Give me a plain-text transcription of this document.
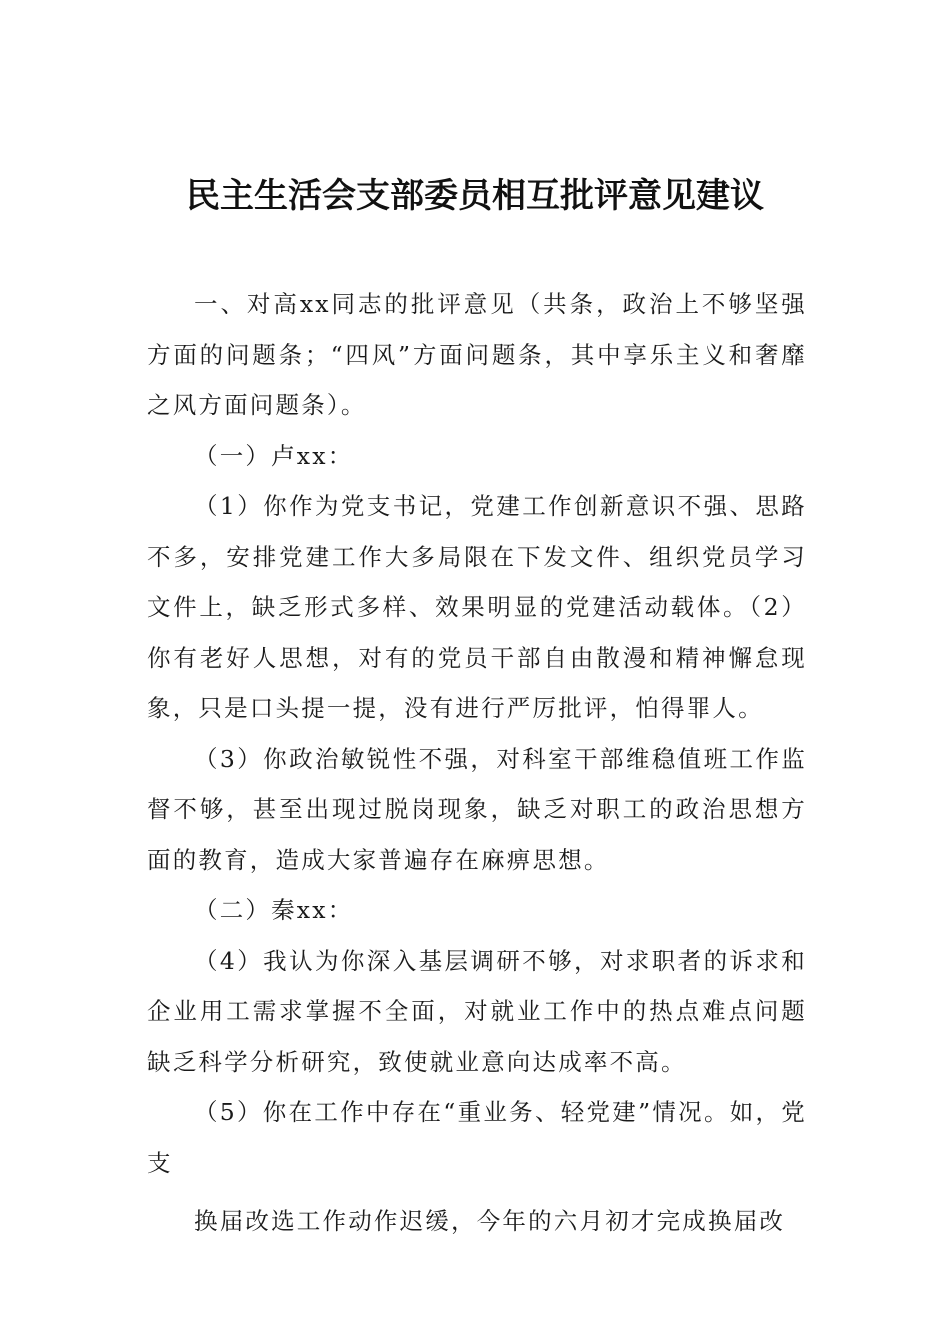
民主生活会支部委员相互批评意见建议

一、对高xx同志的批评意见（共条，政治上不够坚强方面的问题条；“四风”方面问题条，其中享乐主义和奢靡之风方面问题条）。

（一）卢xx：

（1）你作为党支书记，党建工作创新意识不强、思路不多，安排党建工作大多局限在下发文件、组织党员学习文件上，缺乏形式多样、效果明显的党建活动载体。（2）你有老好人思想，对有的党员干部自由散漫和精神懈怠现象，只是口头提一提，没有进行严厉批评，怕得罪人。

（3）你政治敏锐性不强，对科室干部维稳值班工作监督不够，甚至出现过脱岗现象，缺乏对职工的政治思想方面的教育，造成大家普遍存在麻痹思想。

（二）秦xx：

（4）我认为你深入基层调研不够，对求职者的诉求和企业用工需求掌握不全面，对就业工作中的热点难点问题缺乏科学分析研究，致使就业意向达成率不高。

（5）你在工作中存在“重业务、轻党建”情况。如，党支

换届改选工作动作迟缓，今年的六月初才完成换届改
